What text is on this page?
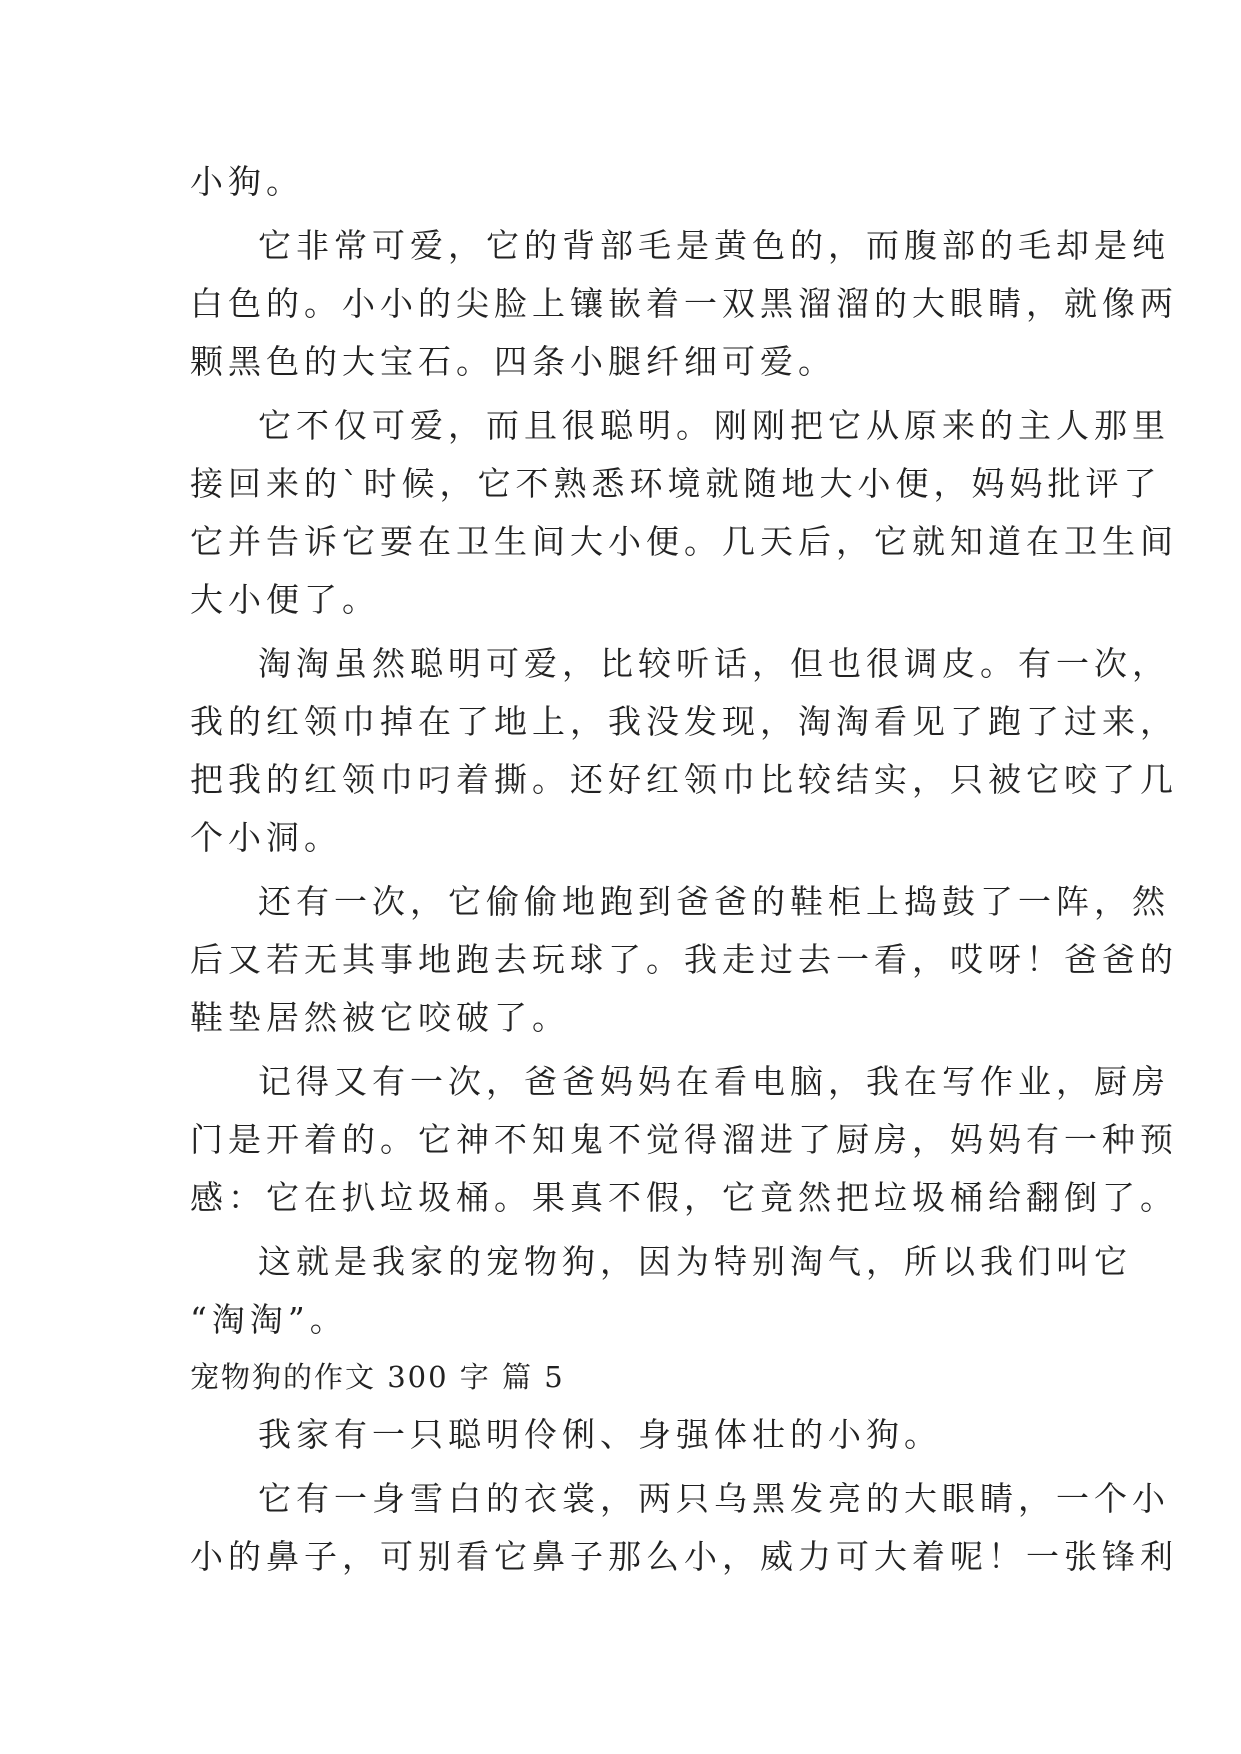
小狗。
它非常可爱，它的背部毛是黄色的，而腹部的毛却是纯
白色的。小小的尖脸上镶嵌着一双黑溜溜的大眼睛，就像两
颗黑色的大宝石。四条小腿纤细可爱。
它不仅可爱，而且很聪明。刚刚把它从原来的主人那里
接回来的`时候，它不熟悉环境就随地大小便，妈妈批评了
它并告诉它要在卫生间大小便。几天后，它就知道在卫生间
大小便了。
淘淘虽然聪明可爱，比较听话，但也很调皮。有一次，
我的红领巾掉在了地上，我没发现，淘淘看见了跑了过来，
把我的红领巾叼着撕。还好红领巾比较结实，只被它咬了几
个小洞。
还有一次，它偷偷地跑到爸爸的鞋柜上捣鼓了一阵，然
后又若无其事地跑去玩球了。我走过去一看，哎呀！爸爸的
鞋垫居然被它咬破了。
记得又有一次，爸爸妈妈在看电脑，我在写作业，厨房
门是开着的。它神不知鬼不觉得溜进了厨房，妈妈有一种预
感：它在扒垃圾桶。果真不假，它竟然把垃圾桶给翻倒了。
这就是我家的宠物狗，因为特别淘气，所以我们叫它
“淘淘”。
宠物狗的作文 300 字 篇 5
我家有一只聪明伶俐、身强体壮的小狗。
它有一身雪白的衣裳，两只乌黑发亮的大眼睛，一个小
小的鼻子，可别看它鼻子那么小，威力可大着呢！一张锋利
